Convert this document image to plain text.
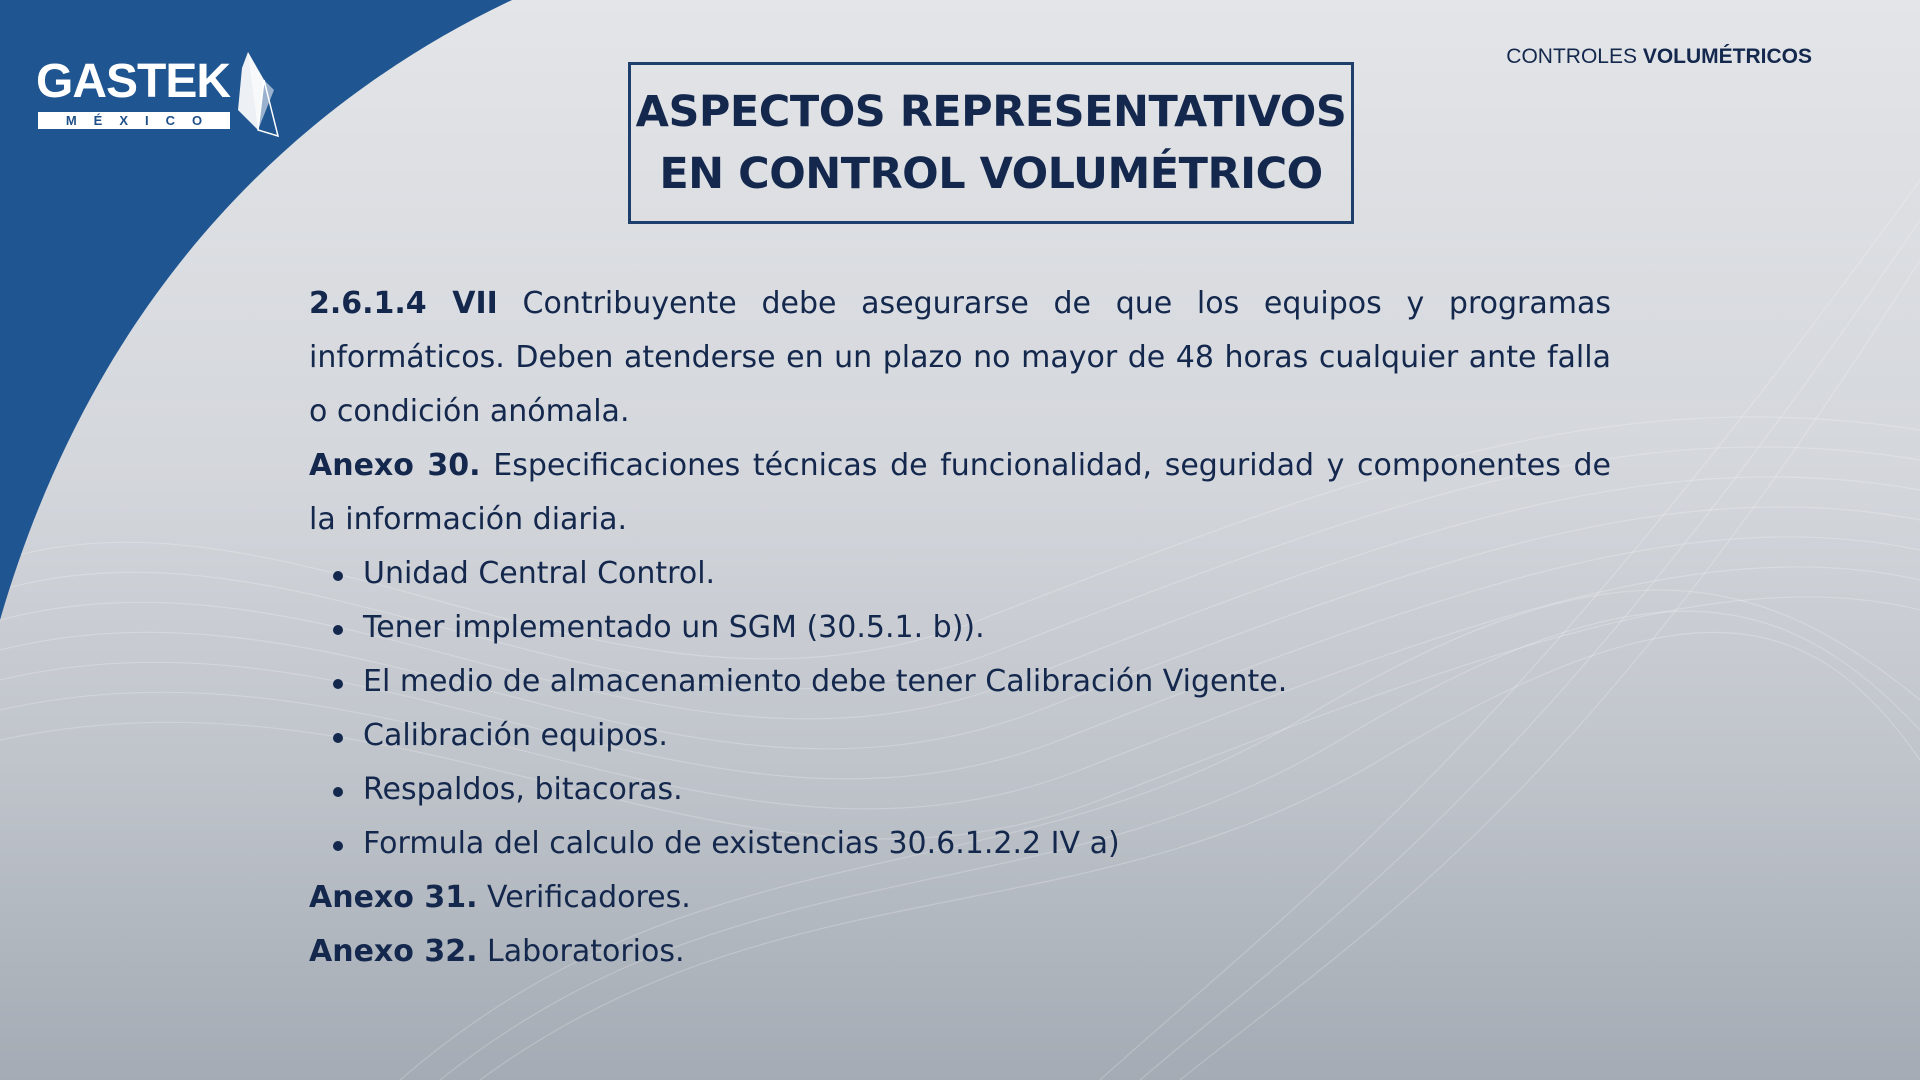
GASTEK
MÉXICO
CONTROLES VOLUMÉTRICOS
ASPECTOS REPRESENTATIVOS
EN CONTROL VOLUMÉTRICO

2.6.1.4 VII Contribuyente debe asegurarse de que los equipos y programas informáticos. Deben atenderse en un plazo no mayor de 48 horas cualquier ante falla o condición anómala.

Anexo 30. Especificaciones técnicas de funcionalidad, seguridad y componentes de la información diaria.

Unidad Central Control.
Tener implementado un SGM (30.5.1. b)).
El medio de almacenamiento debe tener Calibración Vigente.
Calibración equipos.
Respaldos, bitacoras.
Formula del calculo de existencias 30.6.1.2.2 IV a)

Anexo 31. Verificadores.

Anexo 32. Laboratorios.
